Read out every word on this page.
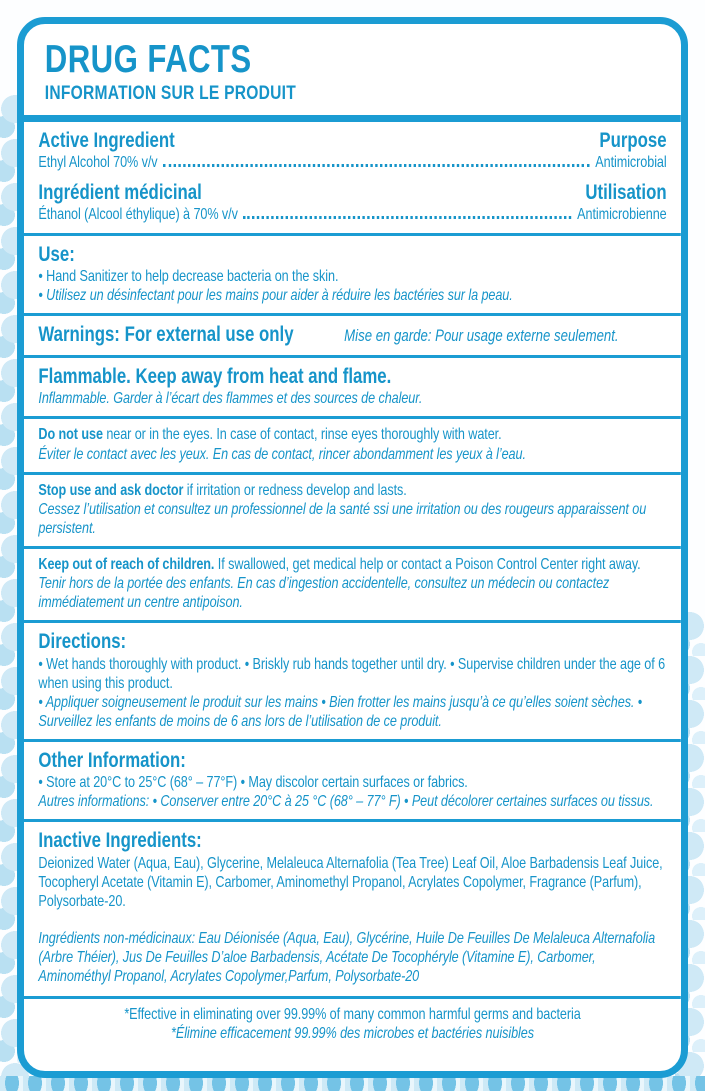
DRUG FACTS
INFORMATION SUR LE PRODUIT
Active Ingredient	Purpose
Ethyl Alcohol 70% v/v	Antimicrobial
Ingrédient médicinal	Utilisation
Éthanol (Alcool éthylique) à 70% v/v	Antimicrobienne
Use:
• Hand Sanitizer to help decrease bacteria on the skin.
• Utilisez un désinfectant pour les mains pour aider à réduire les bactéries sur la peau.
Warnings: For external use only	Mise en garde: Pour usage externe seulement.
Flammable. Keep away from heat and flame.
Inflammable. Garder à l’écart des flammes et des sources de chaleur.
Do not use near or in the eyes. In case of contact, rinse eyes thoroughly with water.
Éviter le contact avec les yeux. En cas de contact, rincer abondamment les yeux à l’eau.
Stop use and ask doctor if irritation or redness develop and lasts.
Cessez l’utilisation et consultez un professionnel de la santé ssi une irritation ou des rougeurs apparaissent ou persistent.
Keep out of reach of children. If swallowed, get medical help or contact a Poison Control Center right away.
Tenir hors de la portée des enfants. En cas d’ingestion accidentelle, consultez un médecin ou contactez immédiatement un centre antipoison.
Directions:
• Wet hands thoroughly with product. • Briskly rub hands together until dry. • Supervise children under the age of 6 when using this product.
• Appliquer soigneusement le produit sur les mains • Bien frotter les mains jusqu’à ce qu’elles soient sèches. • Surveillez les enfants de moins de 6 ans lors de l’utilisation de ce produit.
Other Information:
• Store at 20°C to 25°C (68° – 77°F) • May discolor certain surfaces or fabrics.
Autres informations: • Conserver entre 20°C à 25 °C (68° – 77° F) • Peut décolorer certaines surfaces ou tissus.
Inactive Ingredients:
Deionized Water (Aqua, Eau), Glycerine, Melaleuca Alternafolia (Tea Tree) Leaf Oil, Aloe Barbadensis Leaf Juice, Tocopheryl Acetate (Vitamin E), Carbomer, Aminomethyl Propanol, Acrylates Copolymer, Fragrance (Parfum), Polysorbate-20.
Ingrédients non-médicinaux: Eau Déionisée (Aqua, Eau), Glycérine, Huile De Feuilles De Melaleuca Alternafolia (Arbre Théier), Jus De Feuilles D’aloe Barbadensis, Acétate De Tocophéryle (Vitamine E), Carbomer, Aminométhyl Propanol, Acrylates Copolymer,Parfum, Polysorbate-20
*Effective in eliminating over 99.99% of many common harmful germs and bacteria
*Élimine efficacement 99.99% des microbes et bactéries nuisibles
